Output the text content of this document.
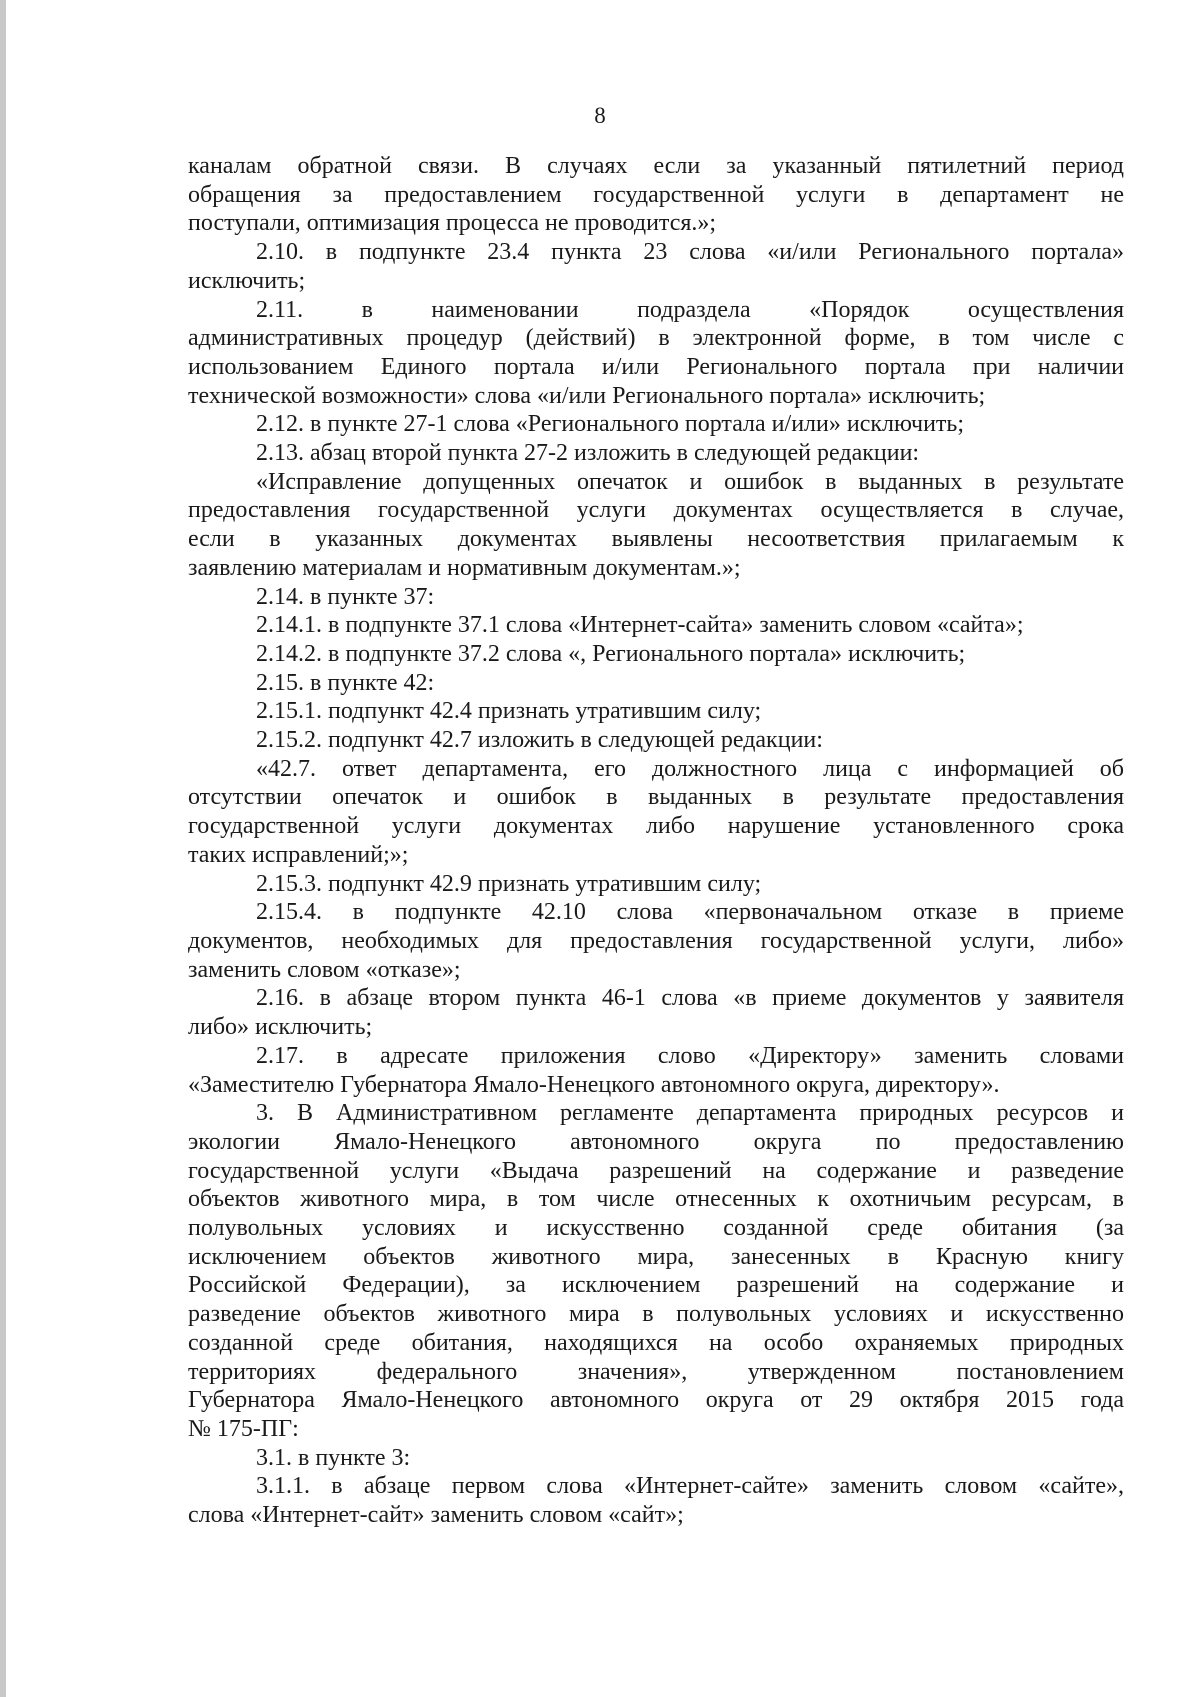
8
каналам обратной связи. В случаях если за указанный пятилетний период
обращения за предоставлением государственной услуги в департамент не
поступали, оптимизация процесса не проводится.»;
2.10. в подпункте 23.4 пункта 23 слова «и/или Регионального портала»
исключить;
2.11. в наименовании подраздела «Порядок осуществления
административных процедур (действий) в электронной форме, в том числе с
использованием Единого портала и/или Регионального портала при наличии
технической возможности» слова «и/или Регионального портала» исключить;
2.12. в пункте 27-1 слова «Регионального портала и/или» исключить;
2.13. абзац второй пункта 27-2 изложить в следующей редакции:
«Исправление допущенных опечаток и ошибок в выданных в результате
предоставления государственной услуги документах осуществляется в случае,
если в указанных документах выявлены несоответствия прилагаемым к
заявлению материалам и нормативным документам.»;
2.14. в пункте 37:
2.14.1. в подпункте 37.1 слова «Интернет-сайта» заменить словом «сайта»;
2.14.2. в подпункте 37.2 слова «, Регионального портала» исключить;
2.15. в пункте 42:
2.15.1. подпункт 42.4 признать утратившим силу;
2.15.2. подпункт 42.7 изложить в следующей редакции:
«42.7. ответ департамента, его должностного лица с информацией об
отсутствии опечаток и ошибок в выданных в результате предоставления
государственной услуги документах либо нарушение установленного срока
таких исправлений;»;
2.15.3. подпункт 42.9 признать утратившим силу;
2.15.4. в подпункте 42.10 слова «первоначальном отказе в приеме
документов, необходимых для предоставления государственной услуги, либо»
заменить словом «отказе»;
2.16. в абзаце втором пункта 46-1 слова «в приеме документов у заявителя
либо» исключить;
2.17. в адресате приложения слово «Директору» заменить словами
«Заместителю Губернатора Ямало-Ненецкого автономного округа, директору».
3. В Административном регламенте департамента природных ресурсов и
экологии Ямало-Ненецкого автономного округа по предоставлению
государственной услуги «Выдача разрешений на содержание и разведение
объектов животного мира, в том числе отнесенных к охотничьим ресурсам, в
полувольных условиях и искусственно созданной среде обитания (за
исключением объектов животного мира, занесенных в Красную книгу
Российской Федерации), за исключением разрешений на содержание и
разведение объектов животного мира в полувольных условиях и искусственно
созданной среде обитания, находящихся на особо охраняемых природных
территориях федерального значения», утвержденном постановлением
Губернатора Ямало-Ненецкого автономного округа от 29 октября 2015 года
№ 175-ПГ:
3.1. в пункте 3:
3.1.1. в абзаце первом слова «Интернет-сайте» заменить словом «сайте»,
слова «Интернет-сайт» заменить словом «сайт»;
